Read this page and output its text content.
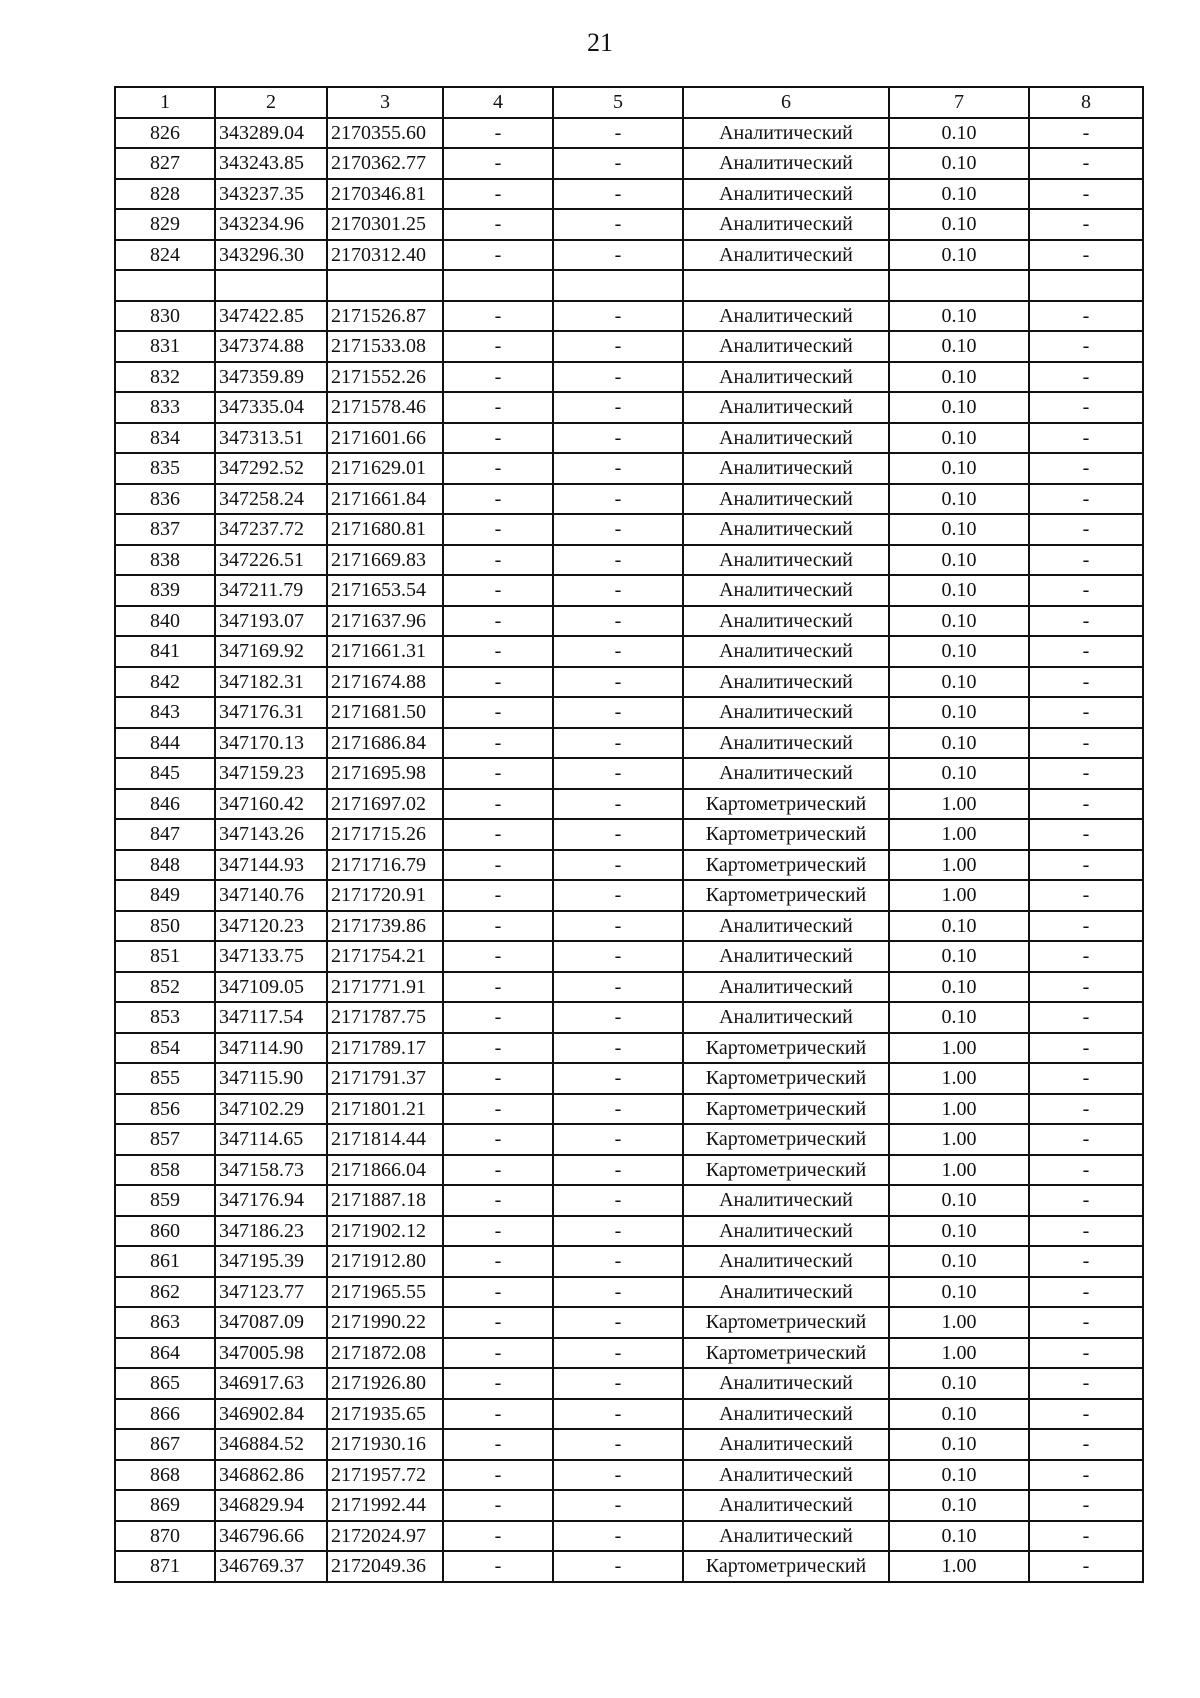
21
1	2	3	4	5	6	7	8
826	343289.04	2170355.60	-	-	Аналитический	0.10	-
827	343243.85	2170362.77	-	-	Аналитический	0.10	-
828	343237.35	2170346.81	-	-	Аналитический	0.10	-
829	343234.96	2170301.25	-	-	Аналитический	0.10	-
824	343296.30	2170312.40	-	-	Аналитический	0.10	-

830	347422.85	2171526.87	-	-	Аналитический	0.10	-
831	347374.88	2171533.08	-	-	Аналитический	0.10	-
832	347359.89	2171552.26	-	-	Аналитический	0.10	-
833	347335.04	2171578.46	-	-	Аналитический	0.10	-
834	347313.51	2171601.66	-	-	Аналитический	0.10	-
835	347292.52	2171629.01	-	-	Аналитический	0.10	-
836	347258.24	2171661.84	-	-	Аналитический	0.10	-
837	347237.72	2171680.81	-	-	Аналитический	0.10	-
838	347226.51	2171669.83	-	-	Аналитический	0.10	-
839	347211.79	2171653.54	-	-	Аналитический	0.10	-
840	347193.07	2171637.96	-	-	Аналитический	0.10	-
841	347169.92	2171661.31	-	-	Аналитический	0.10	-
842	347182.31	2171674.88	-	-	Аналитический	0.10	-
843	347176.31	2171681.50	-	-	Аналитический	0.10	-
844	347170.13	2171686.84	-	-	Аналитический	0.10	-
845	347159.23	2171695.98	-	-	Аналитический	0.10	-
846	347160.42	2171697.02	-	-	Картометрический	1.00	-
847	347143.26	2171715.26	-	-	Картометрический	1.00	-
848	347144.93	2171716.79	-	-	Картометрический	1.00	-
849	347140.76	2171720.91	-	-	Картометрический	1.00	-
850	347120.23	2171739.86	-	-	Аналитический	0.10	-
851	347133.75	2171754.21	-	-	Аналитический	0.10	-
852	347109.05	2171771.91	-	-	Аналитический	0.10	-
853	347117.54	2171787.75	-	-	Аналитический	0.10	-
854	347114.90	2171789.17	-	-	Картометрический	1.00	-
855	347115.90	2171791.37	-	-	Картометрический	1.00	-
856	347102.29	2171801.21	-	-	Картометрический	1.00	-
857	347114.65	2171814.44	-	-	Картометрический	1.00	-
858	347158.73	2171866.04	-	-	Картометрический	1.00	-
859	347176.94	2171887.18	-	-	Аналитический	0.10	-
860	347186.23	2171902.12	-	-	Аналитический	0.10	-
861	347195.39	2171912.80	-	-	Аналитический	0.10	-
862	347123.77	2171965.55	-	-	Аналитический	0.10	-
863	347087.09	2171990.22	-	-	Картометрический	1.00	-
864	347005.98	2171872.08	-	-	Картометрический	1.00	-
865	346917.63	2171926.80	-	-	Аналитический	0.10	-
866	346902.84	2171935.65	-	-	Аналитический	0.10	-
867	346884.52	2171930.16	-	-	Аналитический	0.10	-
868	346862.86	2171957.72	-	-	Аналитический	0.10	-
869	346829.94	2171992.44	-	-	Аналитический	0.10	-
870	346796.66	2172024.97	-	-	Аналитический	0.10	-
871	346769.37	2172049.36	-	-	Картометрический	1.00	-
